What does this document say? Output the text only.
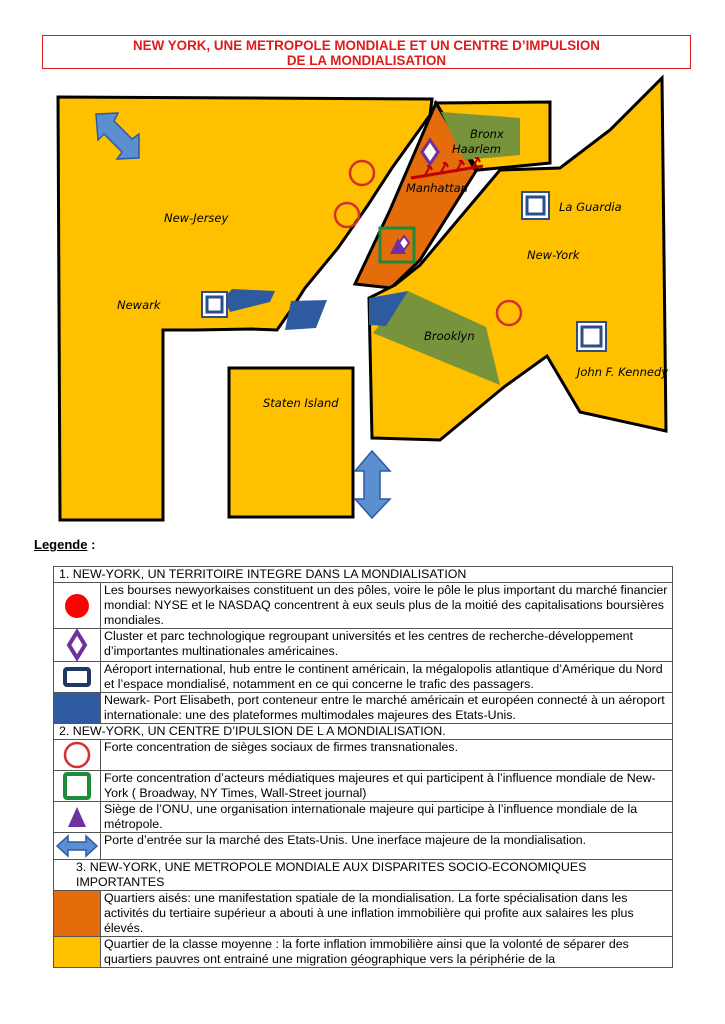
NEW YORK, UNE METROPOLE MONDIALE ET UN CENTRE D’IMPULSION
DE LA MONDIALISATION
Bronx
Haarlem
Manhattan
La Guardia
New-Jersey
New-York
Newark
Brooklyn
John F. Kennedy
Staten Island
Legende :
1. NEW-YORK, UN TERRITOIRE INTEGRE DANS LA MONDIALISATION	

	Les bourses newyorkaises constituent un des pôles, voire le pôle le plus important du marché financier mondial: NYSE et le NASDAQ concentrent à eux seuls plus de la moitié des capitalisations boursières mondiales.

	Cluster et parc technologique regroupant universités et les centres de recherche-développement d’importantes multinationales américaines.

	Aéroport international, hub entre le continent américain, la mégalopolis atlantique d’Amérique du Nord et l’espace mondialisé, notamment en ce qui concerne le trafic des passagers.
	Newark- Port Elisabeth, port conteneur entre le marché américain et européen connecté à un aéroport internationale: une des plateformes multimodales majeures des Etats-Unis.
2. NEW-YORK, UN CENTRE D’IPULSION DE L A MONDIALISATION.	

	Forte concentration de sièges sociaux de firmes transnationales.

	Forte concentration d’acteurs médiatiques majeures et qui participent à l’influence mondiale de New-York ( Broadway, NY Times, Wall-Street journal)

	Siège de l’ONU, une organisation internationale majeure qui participe à l’influence mondiale de la métropole.

	Porte d’entrée sur la marché des Etats-Unis. Une inerface majeure de la mondialisation.
3. NEW-YORK, UNE METROPOLE MONDIALE AUX DISPARITES SOCIO-ECONOMIQUES IMPORTANTES	
	Quartiers aisés: une manifestation spatiale de la mondialisation. La forte spécialisation dans les activités du tertiaire supérieur a abouti à une inflation immobilière qui profite aux salaires les plus élevés.
	Quartier de la classe moyenne : la forte inflation immobilière ainsi que la volonté de séparer des quartiers pauvres ont entrainé une migration géographique vers la périphérie de la
